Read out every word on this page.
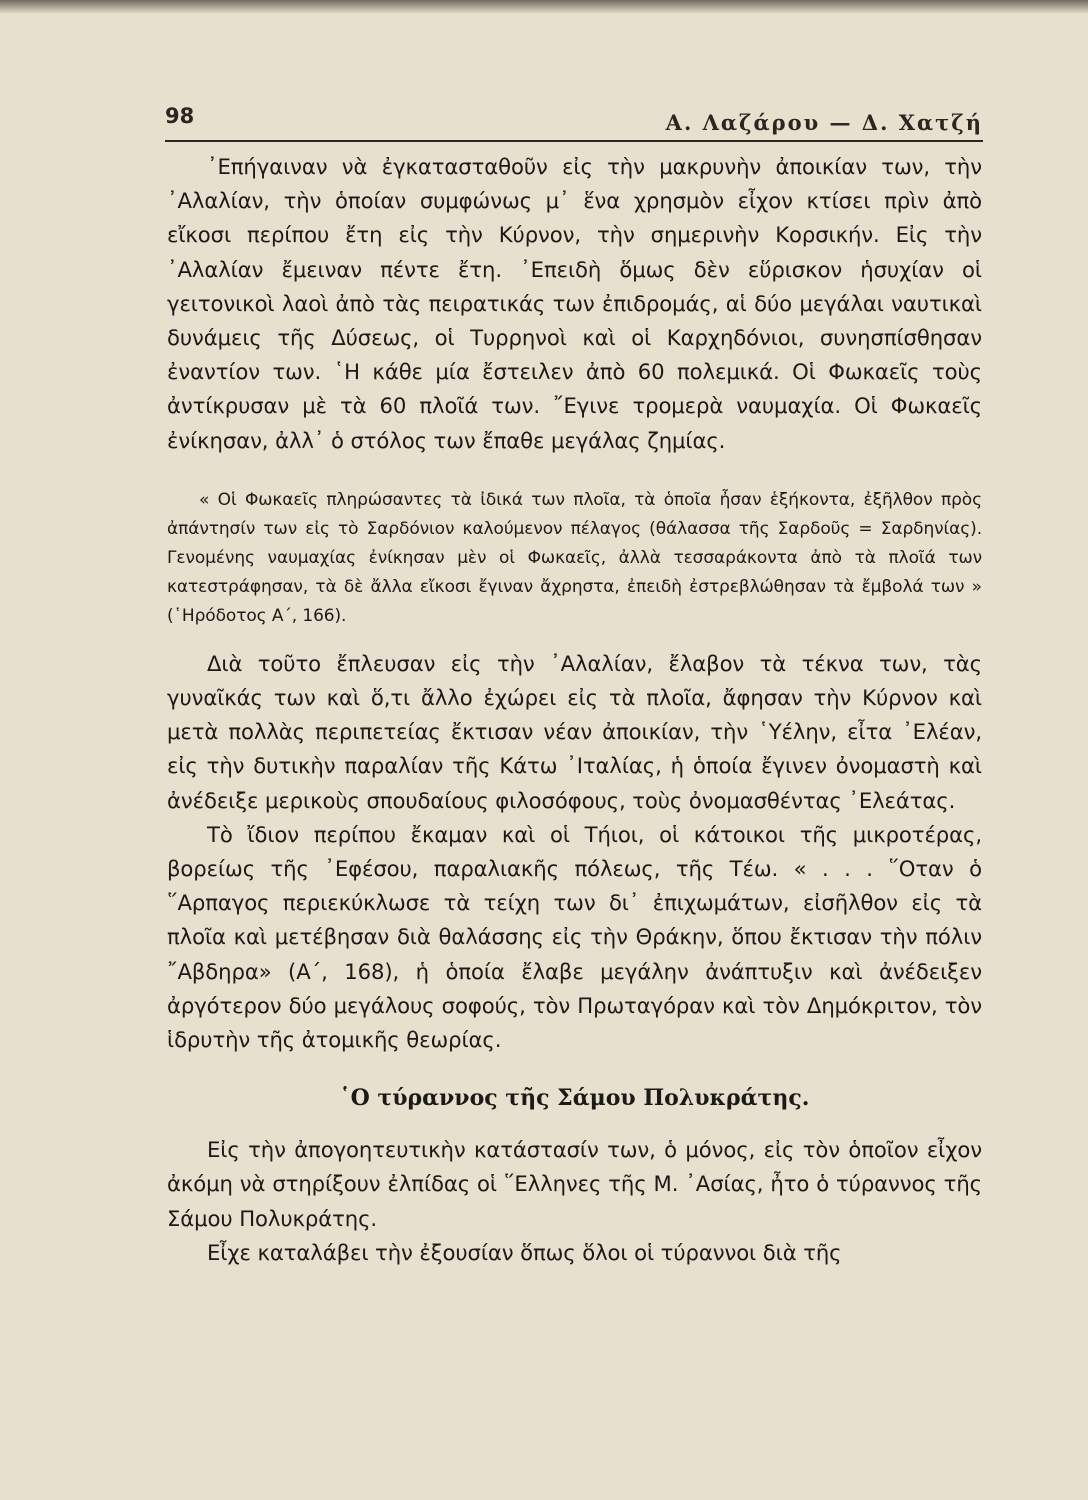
98	Α. Λαζάρου — Δ. Χατζή

᾿Επήγαιναν νὰ ἐγκατασταθοῦν εἰς τὴν μακρυνὴν ἀποικίαν των, τὴν ᾿Αλαλίαν, τὴν ὁποίαν συμφώνως μ᾿ ἕνα χρησμὸν εἶχον κτίσει πρὶν ἀπὸ εἴκοσι περίπου ἔτη εἰς τὴν Κύρνον, τὴν σημερινὴν Κορσικήν. Εἰς τὴν ᾿Αλαλίαν ἔμειναν πέντε ἔτη. ᾿Επειδὴ ὅμως δὲν εὕρισκον ἡσυχίαν οἱ γειτονικοὶ λαοὶ ἀπὸ τὰς πειρατικάς των ἐπιδρομάς, αἱ δύο μεγάλαι ναυτικαὶ δυνάμεις τῆς Δύσεως, οἱ Τυρρηνοὶ καὶ οἱ Καρχηδόνιοι, συνησπίσθησαν ἐναντίον των. ῾Η κάθε μία ἔστειλεν ἀπὸ 60 πολεμικά. Οἱ Φωκαεῖς τοὺς ἀντίκρυσαν μὲ τὰ 60 πλοῖά των. ῎Εγινε τρομερὰ ναυμαχία. Οἱ Φωκαεῖς ἐνίκησαν, ἀλλ᾿ ὁ στόλος των ἔπαθε μεγάλας ζημίας.

« Οἱ Φωκαεῖς πληρώσαντες τὰ ἰδικά των πλοῖα, τὰ ὁποῖα ἦσαν ἑξήκοντα, ἐξῆλθον πρὸς ἀπάντησίν των εἰς τὸ Σαρδόνιον καλούμενον πέλαγος (θάλασσα τῆς Σαρδοῦς = Σαρδηνίας). Γενομένης ναυμαχίας ἐνίκησαν μὲν οἱ Φωκαεῖς, ἀλλὰ τεσσαράκοντα ἀπὸ τὰ πλοῖά των κατεστράφησαν, τὰ δὲ ἄλλα εἴκοσι ἔγιναν ἄχρηστα, ἐπειδὴ ἐστρεβλώθησαν τὰ ἔμβολά των » (῾Ηρόδοτος Α΄, 166).

Διὰ τοῦτο ἔπλευσαν εἰς τὴν ᾿Αλαλίαν, ἔλαβον τὰ τέκνα των, τὰς γυναῖκάς των καὶ ὅ,τι ἄλλο ἐχώρει εἰς τὰ πλοῖα, ἄφησαν τὴν Κύρνον καὶ μετὰ πολλὰς περιπετείας ἔκτισαν νέαν ἀποικίαν, τὴν ῾Υέλην, εἶτα ᾿Ελέαν, εἰς τὴν δυτικὴν παραλίαν τῆς Κάτω ᾿Ιταλίας, ἡ ὁποία ἔγινεν ὀνομαστὴ καὶ ἀνέδειξε μερικοὺς σπουδαίους φιλοσόφους, τοὺς ὀνομασθέντας ᾿Ελεάτας.

Τὸ ἴδιον περίπου ἔκαμαν καὶ οἱ Τήιοι, οἱ κάτοικοι τῆς μικροτέρας, βορείως τῆς ᾿Εφέσου, παραλιακῆς πόλεως, τῆς Τέω. « . . . ῞Οταν ὁ ῞Αρπαγος περιεκύκλωσε τὰ τείχη των δι᾿ ἐπιχωμάτων, εἰσῆλθον εἰς τὰ πλοῖα καὶ μετέβησαν διὰ θαλάσσης εἰς τὴν Θράκην, ὅπου ἔκτισαν τὴν πόλιν ῎Αβδηρα» (Α΄, 168), ἡ ὁποία ἔλαβε μεγάλην ἀνάπτυξιν καὶ ἀνέδειξεν ἀργότερον δύο μεγάλους σοφούς, τὸν Πρωταγόραν καὶ τὸν Δημόκριτον, τὸν ἱδρυτὴν τῆς ἀτομικῆς θεωρίας.

῾Ο τύραννος τῆς Σάμου Πολυκράτης.

Εἰς τὴν ἀπογοητευτικὴν κατάστασίν των, ὁ μόνος, εἰς τὸν ὁποῖον εἶχον ἀκόμη νὰ στηρίξουν ἐλπίδας οἱ ῞Ελληνες τῆς Μ. ᾿Ασίας, ἦτο ὁ τύραννος τῆς Σάμου Πολυκράτης.

Εἶχε καταλάβει τὴν ἐξουσίαν ὅπως ὅλοι οἱ τύραννοι διὰ τῆς
